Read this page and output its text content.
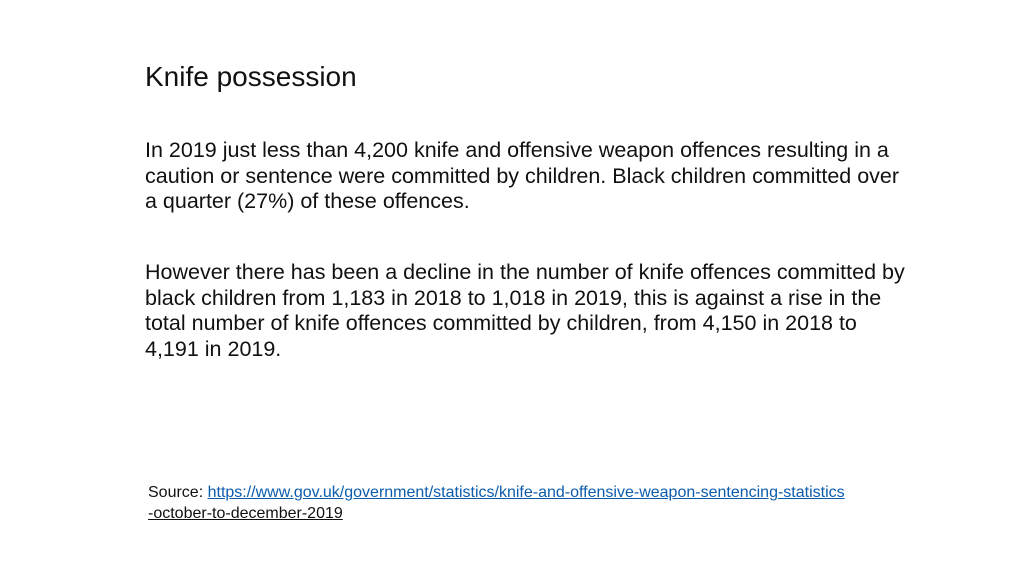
Knife possession

In 2019 just less than 4,200 knife and offensive weapon offences resulting in a caution or sentence were committed by children. Black children committed over a quarter (27%) of these offences.

However there has been a decline in the number of knife offences committed by black children from 1,183 in 2018 to 1,018 in 2019, this is against a rise in the total number of knife offences committed by children, from 4,150 in 2018 to 4,191 in 2019.

Source: https://www.gov.uk/government/statistics/knife-and-offensive-weapon-sentencing-statistics
-october-to-december-2019
